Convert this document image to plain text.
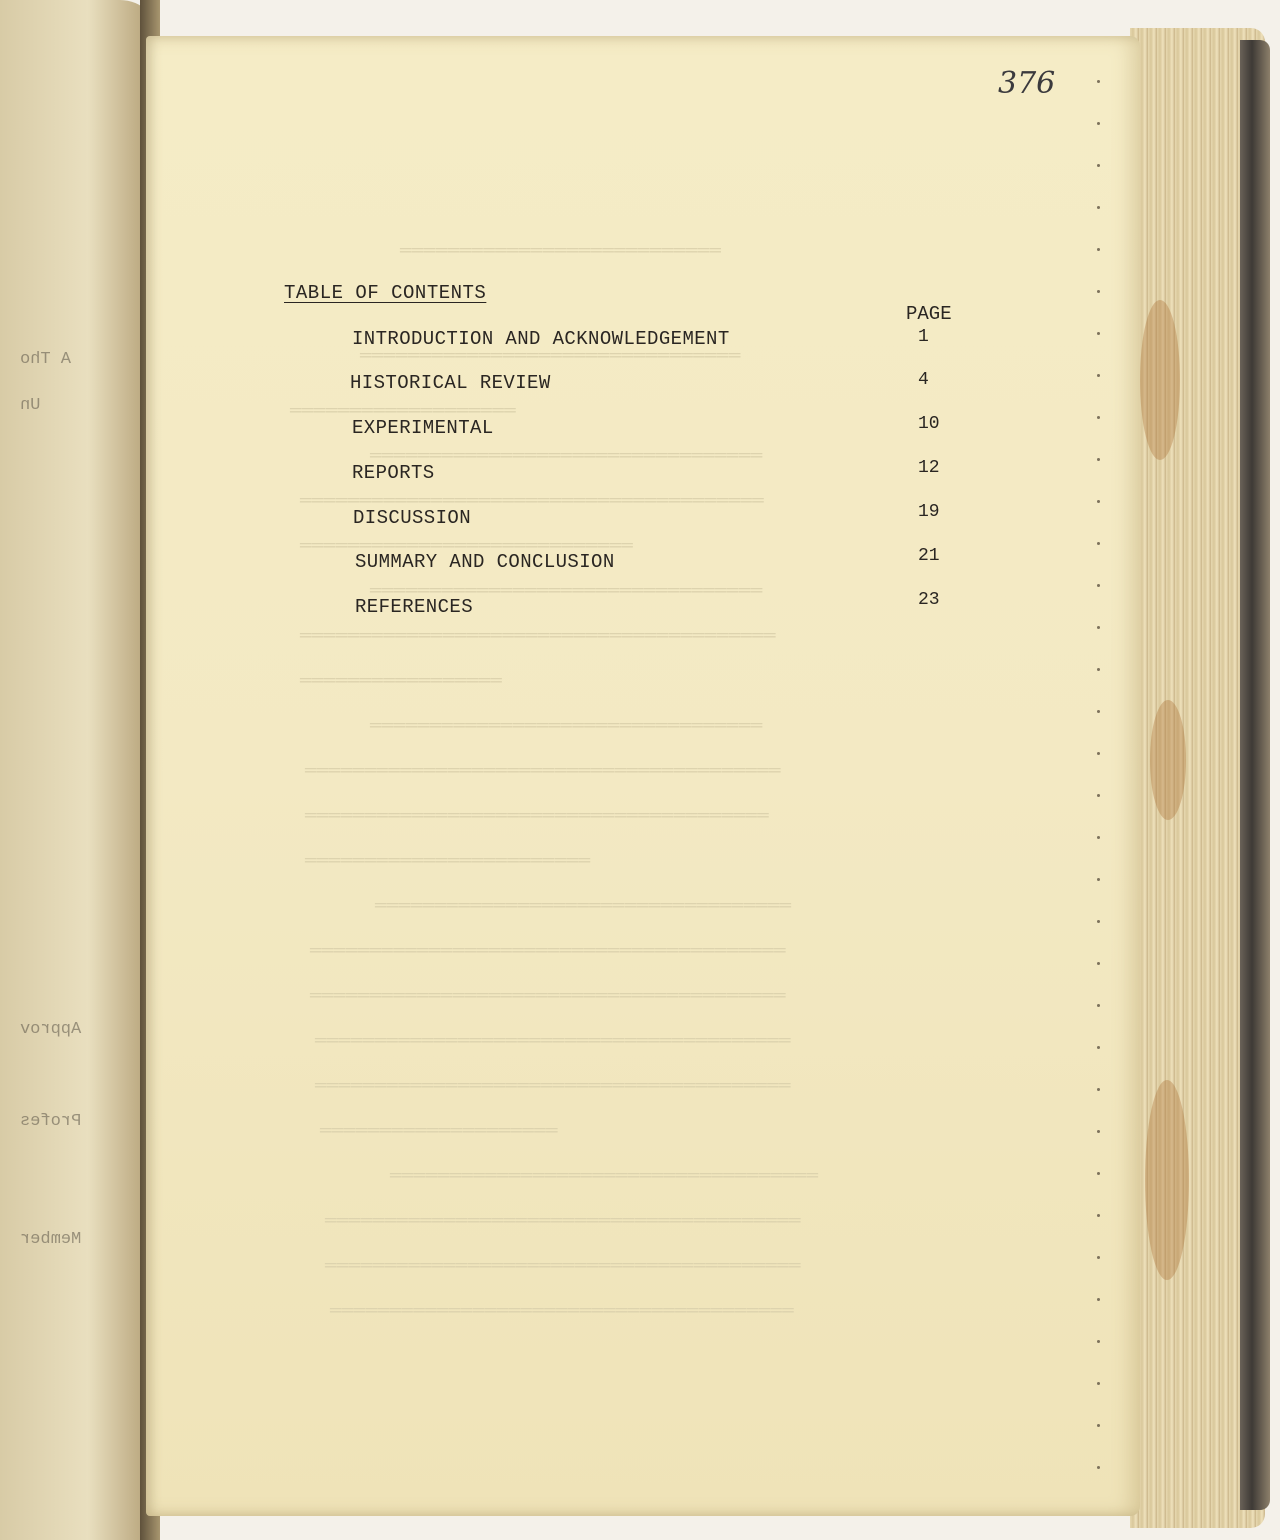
A Tho
Un
Approv
Profes
Member
═══════════════════════════
════════════════════════════════
═══════════════════
═════════════════════════════════
═══════════════════════════════════════
════════════════════════════
═════════════════════════════════
════════════════════════════════════════
═════════════════
═════════════════════════════════
════════════════════════════════════════
═══════════════════════════════════════
════════════════════════
═══════════════════════════════════
════════════════════════════════════════
════════════════════════════════════════
════════════════════════════════════════
════════════════════════════════════════
════════════════════
════════════════════════════════════
════════════════════════════════════════
════════════════════════════════════════
═══════════════════════════════════════
376
TABLE OF CONTENTS
PAGE
INTRODUCTION AND ACKNOWLEDGEMENT	1
HISTORICAL REVIEW	4
EXPERIMENTAL	10
REPORTS	12
DISCUSSION	19
SUMMARY AND CONCLUSION	21
REFERENCES	23
